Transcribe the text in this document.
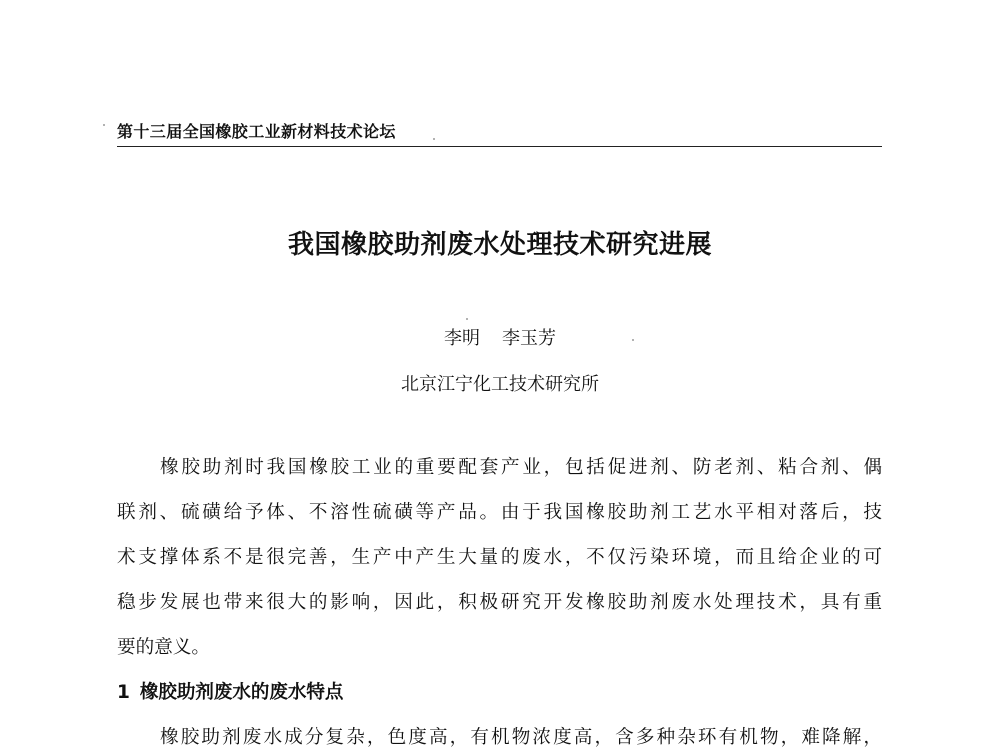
第十三届全国橡胶工业新材料技术论坛
我国橡胶助剂废水处理技术研究进展
李明 李玉芳
北京江宁化工技术研究所
橡胶助剂时我国橡胶工业的重要配套产业，包括促进剂、防老剂、粘合剂、偶
联剂、硫磺给予体、不溶性硫磺等产品。由于我国橡胶助剂工艺水平相对落后，技
术支撑体系不是很完善，生产中产生大量的废水，不仅污染环境，而且给企业的可
稳步发展也带来很大的影响，因此，积极研究开发橡胶助剂废水处理技术，具有重
要的意义。
1 橡胶助剂废水的废水特点
橡胶助剂废水成分复杂，色度高，有机物浓度高，含多种杂环有机物，难降解，
